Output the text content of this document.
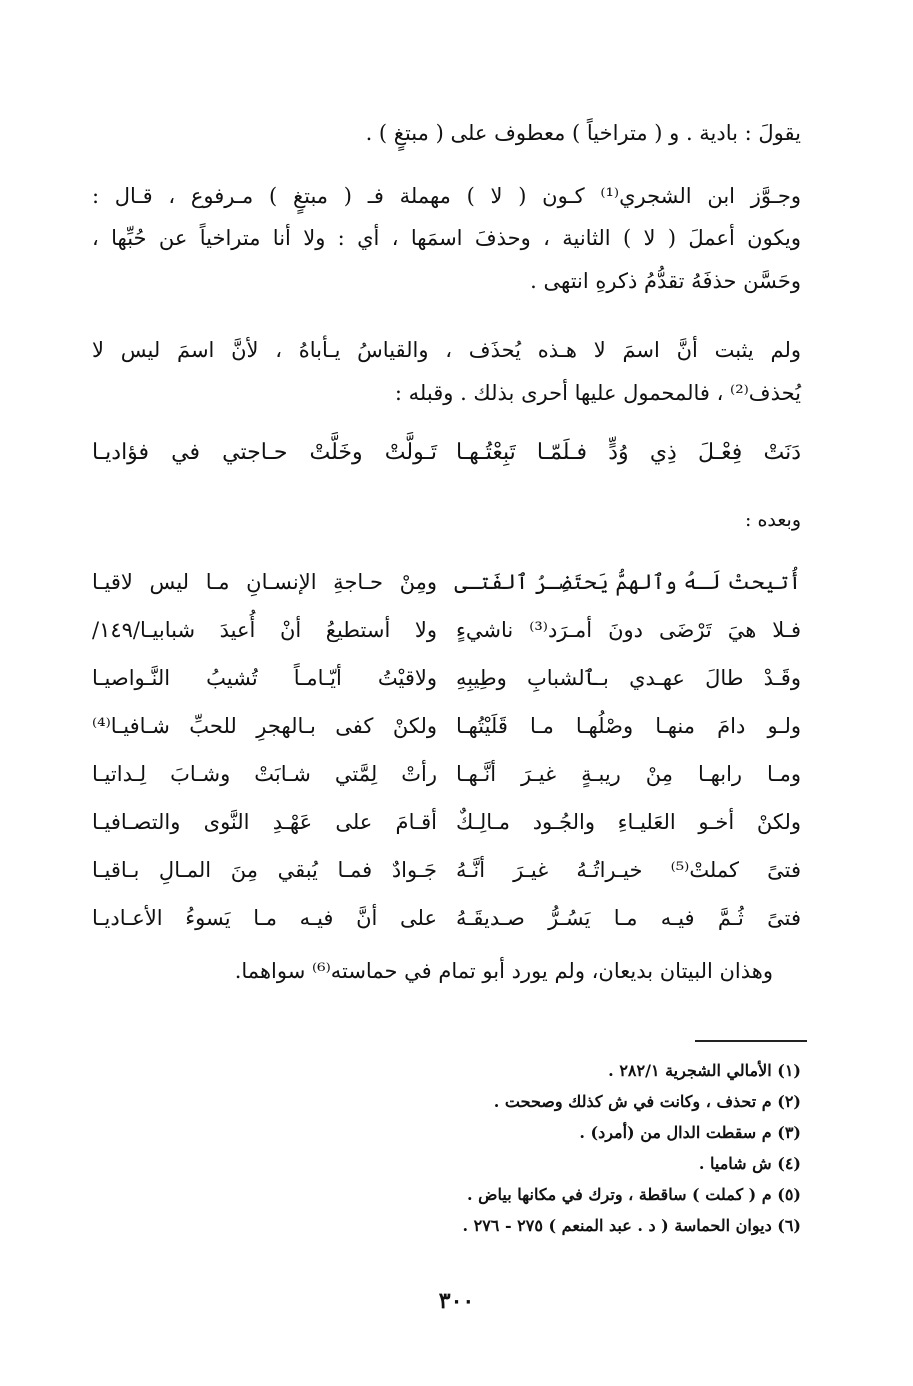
يقولَ : بادية . و ( متراخياً ) معطوف على ( مبتغٍ ) .
وجـوَّز ابن الشجري⁽¹⁾ كـون ( لا ) مهملة فـ ( مبتغٍ ) مـرفوع ، قـال :
ويكون أعملَ ( لا ) الثانية ، وحذفَ اسمَها ، أي : ولا أنا متراخياً عن حُبِّها ،
وحَسَّن حذفَهُ تقدُّمُ ذكرهِ انتهى .
ولم يثبت أنَّ اسمَ لا هـذه يُحذَف ، والقياسُ يـأباهُ ، لأنَّ اسمَ ليس لا
يُحذف⁽²⁾ ، فالمحمول عليها أحرى بذلك . وقبله :
دَنَتْ فِعْـلَ ذِي وُدٍّ فـلَمّـا تَبِعْتُـهـا
تَـولَّتْ وخَلَّتْ حـاجتي في فؤاديـا
وبعده :
أُتيحتْ لَـهُ وٱلهمُّ يَحتَضِـرُ ٱلفَتـى
ومِنْ حـاجةِ الإنسـانِ مـا ليس لاقيـا
فـلا هيَ تَرْضَى دونَ أمـرَد⁽³⁾ ناشيءٍ
ولا أستطيعُ أنْ أُعيدَ شبابيـا/١٤٩/
وقَـدْ طالَ عهـدي بـٱلشبابِ وطِيبِهِ
ولاقيْتُ أيّـامـاً تُشيبُ النَّـواصيـا
ولـو دامَ منهـا وصْلُهـا مـا قَلَيْتُهـا
ولكنْ كفى بـالهجرِ للحبِّ شـافيـا⁽⁴⁾
ومـا رابهـا مِنْ ريبـةٍ غيـرَ أنَّـهـا
رأتْ لِمَّتي شـابَتْ وشـابَ لِـداتيـا
ولكنْ أخـو العَليـاءِ والجُـود مـالِـكٌ
أقـامَ على عَهْـدِ النَّوى والتصـافيـا
فتىً كملتْ⁽⁵⁾ خيـراتُـهُ غيـرَ أنَّـهُ
جَـوادٌ فمـا يُبقي مِنَ المـالِ بـاقيـا
فتىً ثُـمَّ فيـه مـا يَسُـرُّ صـديقَـهُ
على أنَّ فيـه مـا يَسوءُ الأعـاديـا
وهذان البيتان بديعان، ولم يورد أبو تمام في حماسته⁽⁶⁾ سواهما.
(١) الأمالي الشجرية ٢٨٢/١ .
(٢) م تحذف ، وكانت في ش كذلك وصححت .
(٣) م سقطت الدال من (أمرد) .
(٤) ش شاميا .
(٥) م ( كملت ) ساقطة ، وترك في مكانها بياض .
(٦) ديوان الحماسة ( د . عبد المنعم ) ٢٧٥ - ٢٧٦ .
٣٠٠
